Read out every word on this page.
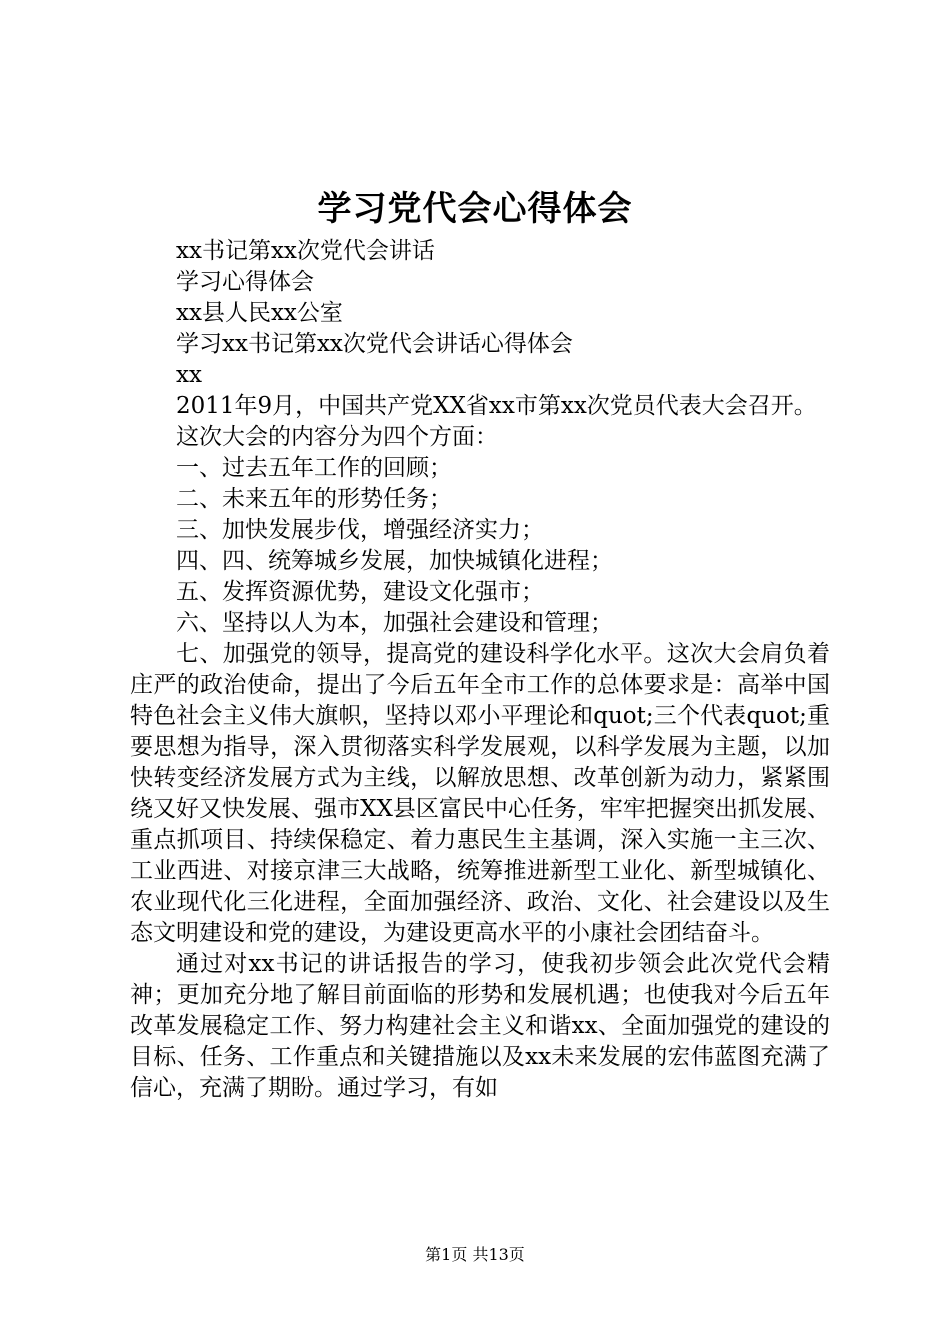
学习党代会心得体会

xx书记第xx次党代会讲话

学习心得体会

xx县人民xx公室

学习xx书记第xx次党代会讲话心得体会

xx

2011年9月，中国共产党XX省xx市第xx次党员代表大会召开。

这次大会的内容分为四个方面：

一、过去五年工作的回顾；

二、未来五年的形势任务；

三、加快发展步伐，增强经济实力；

四、四、统筹城乡发展，加快城镇化进程；

五、发挥资源优势，建设文化强市；

六、坚持以人为本，加强社会建设和管理；

七、加强党的领导，提高党的建设科学化水平。这次大会肩负着庄严的政治使命，提出了今后五年全市工作的总体要求是：高举中国特色社会主义伟大旗帜，坚持以邓小平理论和quot;三个代表quot;重要思想为指导，深入贯彻落实科学发展观，以科学发展为主题，以加快转变经济发展方式为主线，以解放思想、改革创新为动力，紧紧围绕又好又快发展、强市XX县区富民中心任务，牢牢把握突出抓发展、重点抓项目、持续保稳定、着力惠民生主基调，深入实施一主三次、工业西进、对接京津三大战略，统筹推进新型工业化、新型城镇化、农业现代化三化进程，全面加强经济、政治、文化、社会建设以及生态文明建设和党的建设，为建设更高水平的小康社会团结奋斗。

通过对xx书记的讲话报告的学习，使我初步领会此次党代会精神；更加充分地了解目前面临的形势和发展机遇；也使我对今后五年改革发展稳定工作、努力构建社会主义和谐xx、全面加强党的建设的目标、任务、工作重点和关键措施以及xx未来发展的宏伟蓝图充满了信心，充满了期盼。通过学习，有如

第1页 共13页
